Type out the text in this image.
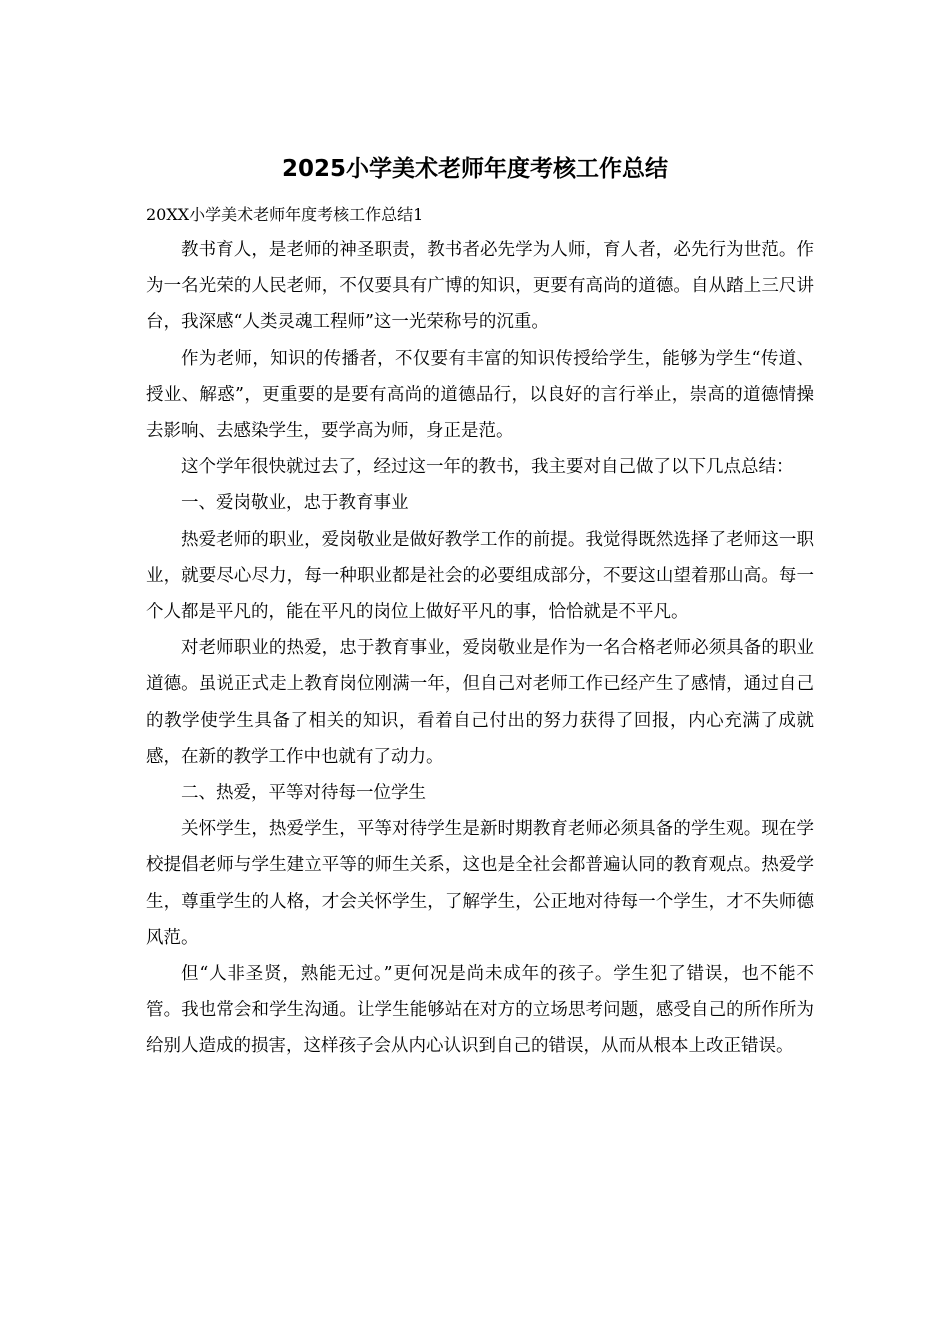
2025小学美术老师年度考核工作总结

20XX小学美术老师年度考核工作总结1

教书育人，是老师的神圣职责，教书者必先学为人师，育人者，必先行为世范。作为一名光荣的人民老师，不仅要具有广博的知识，更要有高尚的道德。自从踏上三尺讲台，我深感“人类灵魂工程师”这一光荣称号的沉重。

作为老师，知识的传播者，不仅要有丰富的知识传授给学生，能够为学生“传道、授业、解惑”，更重要的是要有高尚的道德品行，以良好的言行举止，崇高的道德情操去影响、去感染学生，要学高为师，身正是范。

这个学年很快就过去了，经过这一年的教书，我主要对自己做了以下几点总结：

一、爱岗敬业，忠于教育事业

热爱老师的职业，爱岗敬业是做好教学工作的前提。我觉得既然选择了老师这一职业，就要尽心尽力，每一种职业都是社会的必要组成部分，不要这山望着那山高。每一个人都是平凡的，能在平凡的岗位上做好平凡的事，恰恰就是不平凡。

对老师职业的热爱，忠于教育事业，爱岗敬业是作为一名合格老师必须具备的职业道德。虽说正式走上教育岗位刚满一年，但自己对老师工作已经产生了感情，通过自己的教学使学生具备了相关的知识，看着自己付出的努力获得了回报，内心充满了成就感，在新的教学工作中也就有了动力。

二、热爱，平等对待每一位学生

关怀学生，热爱学生，平等对待学生是新时期教育老师必须具备的学生观。现在学校提倡老师与学生建立平等的师生关系，这也是全社会都普遍认同的教育观点。热爱学生，尊重学生的人格，才会关怀学生，了解学生，公正地对待每一个学生，才不失师德风范。

但“人非圣贤，熟能无过。”更何况是尚未成年的孩子。学生犯了错误，也不能不管。我也常会和学生沟通。让学生能够站在对方的立场思考问题，感受自己的所作所为给别人造成的损害，这样孩子会从内心认识到自己的错误，从而从根本上改正错误。
